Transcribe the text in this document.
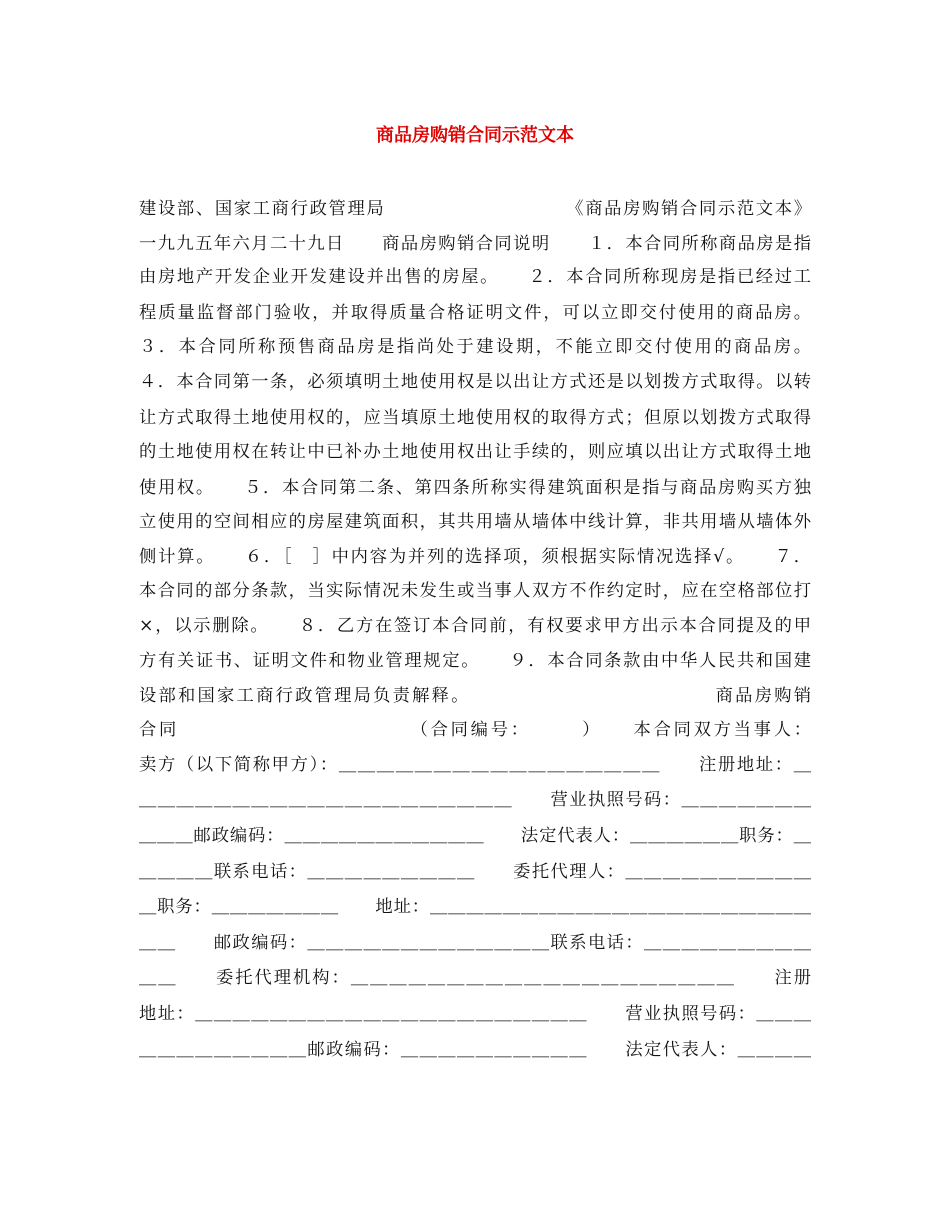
商品房购销合同示范文本
建设部、国家工商行政管理局　　　　　　　　　　《商品房购销合同示范文本》
一九九五年六月二十九日　　商品房购销合同说明　　１．本合同所称商品房是指
由房地产开发企业开发建设并出售的房屋。　　２．本合同所称现房是指已经过工
程质量监督部门验收，并取得质量合格证明文件，可以立即交付使用的商品房。
３．本合同所称预售商品房是指尚处于建设期，不能立即交付使用的商品房。
４．本合同第一条，必须填明土地使用权是以出让方式还是以划拨方式取得。以转
让方式取得土地使用权的，应当填原土地使用权的取得方式；但原以划拨方式取得
的土地使用权在转让中已补办土地使用权出让手续的，则应填以出让方式取得土地
使用权。　　５．本合同第二条、第四条所称实得建筑面积是指与商品房购买方独
立使用的空间相应的房屋建筑面积，其共用墙从墙体中线计算，非共用墙从墙体外
侧计算。　　６．［　］中内容为并列的选择项，须根据实际情况选择√。　　７．
本合同的部分条款，当实际情况未发生或当事人双方不作约定时，应在空格部位打
×，以示删除。　　８．乙方在签订本合同前，有权要求甲方出示本合同提及的甲
方有关证书、证明文件和物业管理规定。　　９．本合同条款由中华人民共和国建
设部和国家工商行政管理局负责解释。　　　　　　　　　　　　　商品房购销
合同　　　　　　　　　　　　（合同编号：　　　）　　本合同双方当事人：
卖方（以下简称甲方）：＿＿＿＿＿＿＿＿＿＿＿＿＿＿＿＿＿　　注册地址：＿
＿＿＿＿＿＿＿＿＿＿＿＿＿＿＿＿＿＿＿＿　　营业执照号码：＿＿＿＿＿＿＿
＿＿＿邮政编码：＿＿＿＿＿＿＿＿＿＿＿　　法定代表人：＿＿＿＿＿＿职务：＿
＿＿＿＿联系电话：＿＿＿＿＿＿＿＿＿　　委托代理人：＿＿＿＿＿＿＿＿＿＿
＿职务：＿＿＿＿＿＿＿　　地址：＿＿＿＿＿＿＿＿＿＿＿＿＿＿＿＿＿＿＿＿＿
＿＿　　邮政编码：＿＿＿＿＿＿＿＿＿＿＿＿＿联系电话：＿＿＿＿＿＿＿＿＿
＿＿　　委托代理机构：＿＿＿＿＿＿＿＿＿＿＿＿＿＿＿＿＿＿＿＿　　注册
地址：＿＿＿＿＿＿＿＿＿＿＿＿＿＿＿＿＿＿＿＿＿　　营业执照号码：＿＿＿
＿＿＿＿＿＿＿＿＿邮政编码：＿＿＿＿＿＿＿＿＿＿　　法定代表人：＿＿＿＿
